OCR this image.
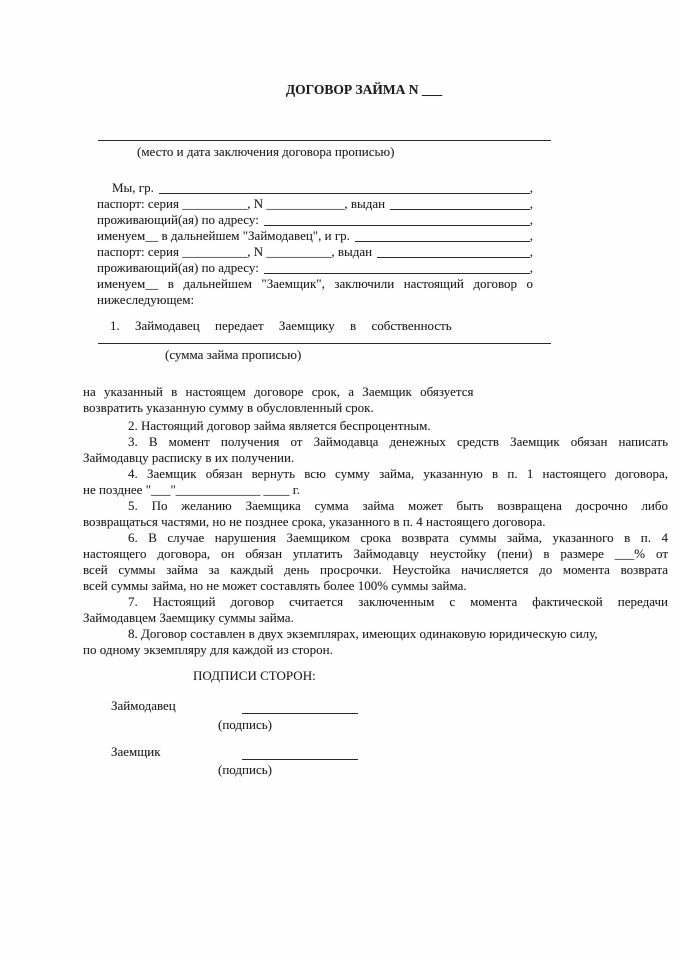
ДОГОВОР ЗАЙМА N ___
(место и дата заключения договора прописью)
Мы, гр.	,
паспорт: серия __________, N ____________, выдан	,
проживающий(ая) по адресу:	,
именуем__ в дальнейшем "Займодавец", и гр.	,
паспорт: серия __________, N __________, выдан	,
проживающий(ая) по адресу:	,
именуем__ в дальнейшем "Заемщик", заключили настоящий договор о
нижеследующем:
1. Займодавец передает Заемщику в собственность
(сумма займа прописью)
на указанный в настоящем договоре срок, а Заемщик обязуется
возвратить указанную сумму в обусловленный срок.
2. Настоящий договор займа является беспроцентным.
3. В момент получения от Займодавца денежных средств Заемщик обязан написать
Займодавцу расписку в их получении.
4. Заемщик обязан вернуть всю сумму займа, указанную в п. 1 настоящего договора,
не позднее "___"_____________ ____ г.
5. По желанию Заемщика сумма займа может быть возвращена досрочно либо
возвращаться частями, но не позднее срока, указанного в п. 4 настоящего договора.
6. В случае нарушения Заемщиком срока возврата суммы займа, указанного в п. 4
настоящего договора, он обязан уплатить Займодавцу неустойку (пени) в размере ___% от
всей суммы займа за каждый день просрочки. Неустойка начисляется до момента возврата
всей суммы займа, но не может составлять более 100% суммы займа.
7. Настоящий договор считается заключенным с момента фактической передачи
Займодавцем Заемщику суммы займа.
8. Договор составлен в двух экземплярах, имеющих одинаковую юридическую силу,
по одному экземпляру для каждой из сторон.
ПОДПИСИ СТОРОН:
Займодавец
(подпись)
Заемщик
(подпись)
